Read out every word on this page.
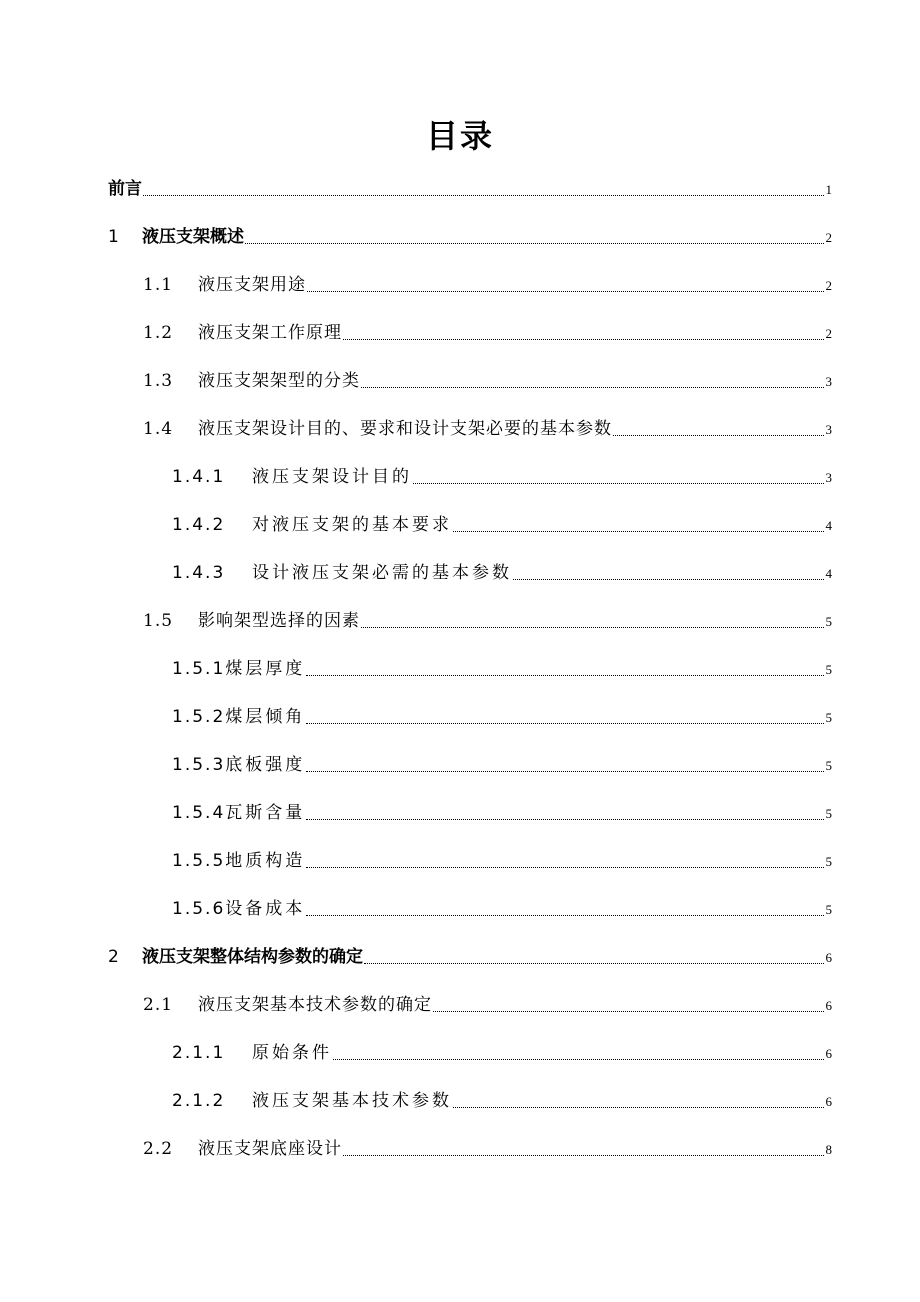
目录
前言	1
1	液压支架概述	2
1.1	液压支架用途	2
1.2	液压支架工作原理	2
1.3	液压支架架型的分类	3
1.4	液压支架设计目的、要求和设计支架必要的基本参数	3
1.4.1	液压支架设计目的	3
1.4.2	对液压支架的基本要求	4
1.4.3	设计液压支架必需的基本参数	4
1.5	影响架型选择的因素	5
1.5.1 煤层厚度	5
1.5.2 煤层倾角	5
1.5.3 底板强度	5
1.5.4 瓦斯含量	5
1.5.5 地质构造	5
1.5.6 设备成本	5
2	液压支架整体结构参数的确定	6
2.1	液压支架基本技术参数的确定	6
2.1.1	原始条件	6
2.1.2	液压支架基本技术参数	6
2.2	液压支架底座设计	8
